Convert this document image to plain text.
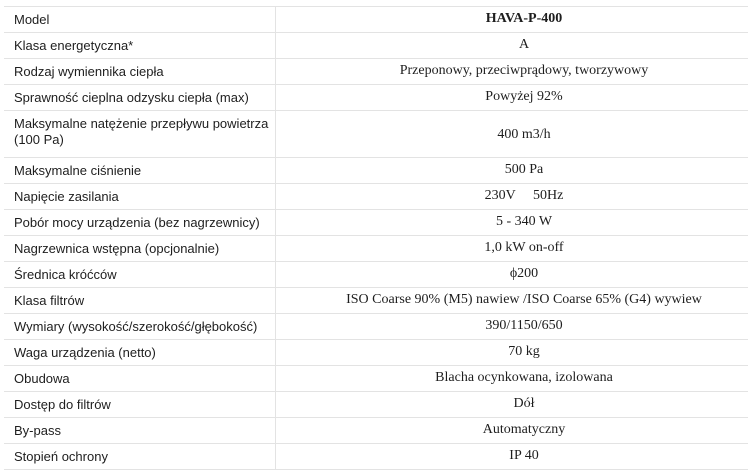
Model	HAVA-P-400
Klasa energetyczna*	A
Rodzaj wymiennika ciepła	Przeponowy, przeciwprądowy, tworzywowy
Sprawność cieplna odzysku ciepła (max)	Powyżej 92%
Maksymalne natężenie przepływu powietrza (100 Pa)	400 m3/h
Maksymalne ciśnienie	500 Pa
Napięcie zasilania	230V     50Hz
Pobór mocy urządzenia (bez nagrzewnicy)	5 - 340 W
Nagrzewnica wstępna (opcjonalnie)	1,0 kW on-off
Średnica króćców	ϕ200
Klasa filtrów	ISO Coarse 90% (M5) nawiew /ISO Coarse 65% (G4) wywiew
Wymiary (wysokość/szerokość/głębokość)	390/1150/650
Waga urządzenia (netto)	70 kg
Obudowa	Blacha ocynkowana, izolowana
Dostęp do filtrów	Dół
By-pass	Automatyczny
Stopień ochrony	IP 40
